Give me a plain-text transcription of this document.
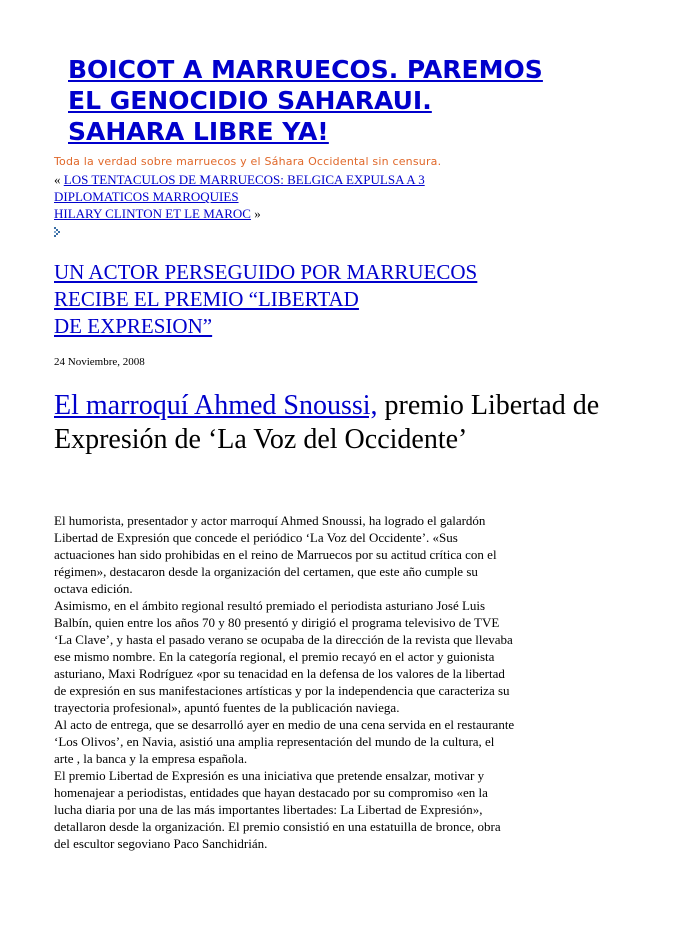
BOICOT A MARRUECOS. PAREMOS
EL GENOCIDIO SAHARAUI.
SAHARA LIBRE YA!

Toda la verdad sobre marruecos y el Sáhara Occidental sin censura.

« LOS TENTACULOS DE MARRUECOS: BELGICA EXPULSA A 3
DIPLOMATICOS MARROQUIES
HILARY CLINTON ET LE MAROC »
UN ACTOR PERSEGUIDO POR MARRUECOS
RECIBE EL PREMIO “LIBERTAD
DE EXPRESION”
24 Noviembre, 2008
El marroquí Ahmed Snoussi, premio Libertad de Expresión de ‘La Voz del Occidente’
El humorista, presentador y actor marroquí Ahmed Snoussi, ha logrado el galardón
Libertad de Expresión que concede el periódico ‘La Voz del Occidente’. «Sus
actuaciones han sido prohibidas en el reino de Marruecos por su actitud crítica con el
régimen», destacaron desde la organización del certamen, que este año cumple su
octava edición.
Asimismo, en el ámbito regional resultó premiado el periodista asturiano José Luis
Balbín, quien entre los años 70 y 80 presentó y dirigió el programa televisivo de TVE
‘La Clave’, y hasta el pasado verano se ocupaba de la dirección de la revista que llevaba
ese mismo nombre. En la categoría regional, el premio recayó en el actor y guionista
asturiano, Maxi Rodríguez «por su tenacidad en la defensa de los valores de la libertad
de expresión en sus manifestaciones artísticas y por la independencia que caracteriza su
trayectoria profesional», apuntó fuentes de la publicación naviega.
Al acto de entrega, que se desarrolló ayer en medio de una cena servida en el restaurante
‘Los Olivos’, en Navia, asistió una amplia representación del mundo de la cultura, el
arte , la banca y la empresa española.
El premio Libertad de Expresión es una iniciativa que pretende ensalzar, motivar y
homenajear a periodistas, entidades que hayan destacado por su compromiso «en la
lucha diaria por una de las más importantes libertades: La Libertad de Expresión»,
detallaron desde la organización. El premio consistió en una estatuilla de bronce, obra
del escultor segoviano Paco Sanchidrián.
